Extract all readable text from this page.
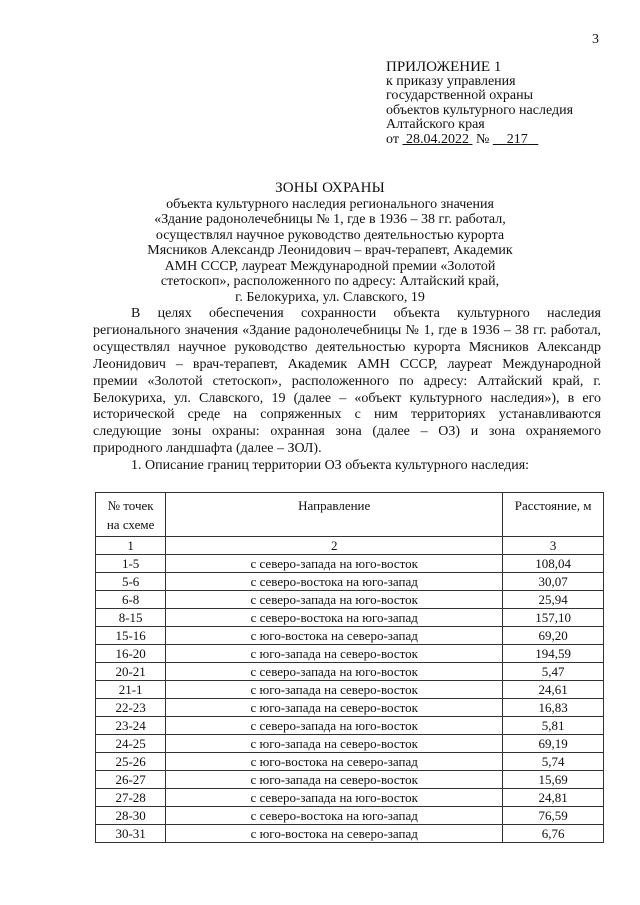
3
ПРИЛОЖЕНИЕ 1
к приказу управления
государственной охраны
объектов культурного наследия
Алтайского края
от 28.04.2022 № 217
ЗОНЫ ОХРАНЫ
объекта культурного наследия регионального значения
«Здание радонолечебницы № 1, где в 1936 – 38 гг. работал,
осуществлял научное руководство деятельностью курорта
Мясников Александр Леонидович – врач-терапевт, Академик
АМН СССР, лауреат Международной премии «Золотой
стетоскоп», расположенного по адресу: Алтайский край,
г. Белокуриха, ул. Славского, 19

В целях обеспечения сохранности объекта культурного наследия регионального значения «Здание радонолечебницы № 1, где в 1936 – 38 гг. работал, осуществлял научное руководство деятельностью курорта Мясников Александр Леонидович – врач-терапевт, Академик АМН СССР, лауреат Международной премии «Золотой стетоскоп», расположенного по адресу: Алтайский край, г. Белокуриха, ул. Славского, 19 (далее – «объект культурного наследия»), в его исторической среде на сопряженных с ним территориях устанавливаются следующие зоны охраны: охранная зона (далее – ОЗ) и зона охраняемого природного ландшафта (далее – ЗОЛ).

1. Описание границ территории ОЗ объекта культурного наследия:

№ точек на схеме	Направление	Расстояние, м
1	2	3
1-5	с северо-запада на юго-восток	108,04
5-6	с северо-востока на юго-запад	30,07
6-8	с северо-запада на юго-восток	25,94
8-15	с северо-востока на юго-запад	157,10
15-16	с юго-востока на северо-запад	69,20
16-20	с юго-запада на северо-восток	194,59
20-21	с северо-запада на юго-восток	5,47
21-1	с юго-запада на северо-восток	24,61
22-23	с юго-запада на северо-восток	16,83
23-24	с северо-запада на юго-восток	5,81
24-25	с юго-запада на северо-восток	69,19
25-26	с юго-востока на северо-запад	5,74
26-27	с юго-запада на северо-восток	15,69
27-28	с северо-запада на юго-восток	24,81
28-30	с северо-востока на юго-запад	76,59
30-31	с юго-востока на северо-запад	6,76
